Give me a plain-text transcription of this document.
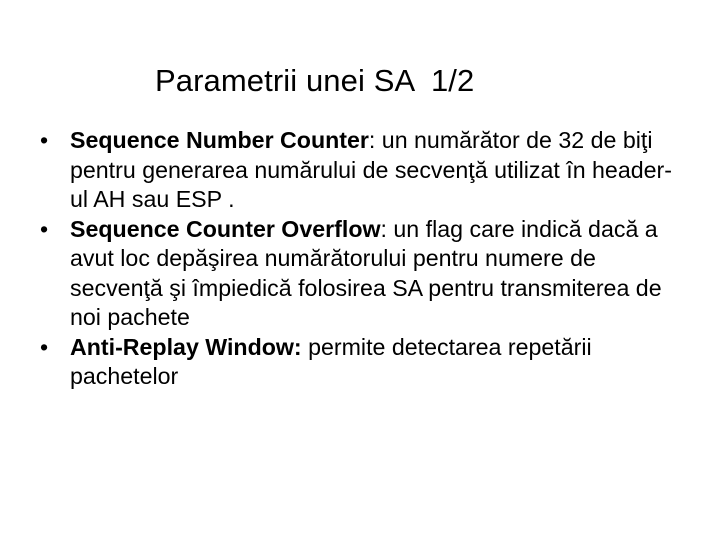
Parametrii unei SA  1/2
• Sequence Number Counter: un numărător de 32 de biţi pentru generarea numărului de secvenţă utilizat în header-ul AH sau ESP .
• Sequence Counter Overflow: un flag care indică dacă a avut loc depăşirea numărătorului pentru numere de secvenţă şi împiedică folosirea SA pentru transmiterea de noi pachete
• Anti-Replay Window: permite detectarea repetării pachetelor
